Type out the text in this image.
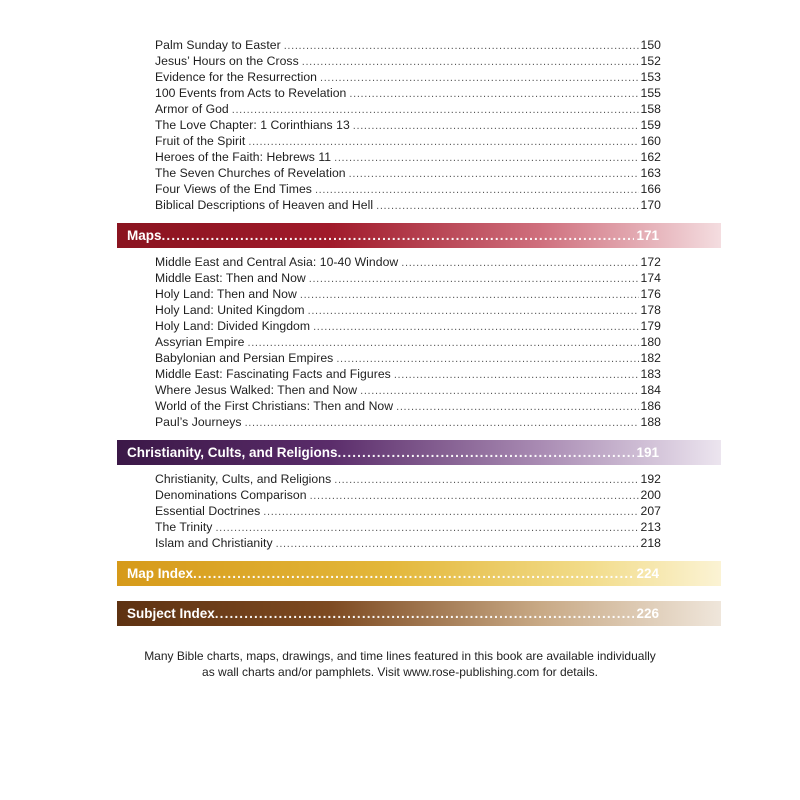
Palm Sunday to Easter . . .	150
Jesus’ Hours on the Cross . . .	152
Evidence for the Resurrection . . .	153
100 Events from Acts to Revelation . . .	155
Armor of God . . .	158
The Love Chapter: 1 Corinthians 13 . . .	159
Fruit of the Spirit . . .	160
Heroes of the Faith: Hebrews 11 . . .	162
The Seven Churches of Revelation . . .	163
Four Views of the End Times . . .	166
Biblical Descriptions of Heaven and Hell . . .	170
Maps . . .	171
Middle East and Central Asia: 10-40 Window . . .	172
Middle East: Then and Now . . .	174
Holy Land: Then and Now . . .	176
Holy Land: United Kingdom . . .	178
Holy Land: Divided Kingdom . . .	179
Assyrian Empire . . .	180
Babylonian and Persian Empires . . .	182
Middle East: Fascinating Facts and Figures . . .	183
Where Jesus Walked: Then and Now . . .	184
World of the First Christians: Then and Now . . .	186
Paul’s Journeys . . .	188
Christianity, Cults, and Religions . . .	191
Christianity, Cults, and Religions . . .	192
Denominations Comparison . . .	200
Essential Doctrines . . .	207
The Trinity . . .	213
Islam and Christianity . . .	218
Map Index . . .	224
Subject Index . . .	226
Many Bible charts, maps, drawings, and time lines featured in this book are available individually
as wall charts and/or pamphlets. Visit www.rose-publishing.com for details.
